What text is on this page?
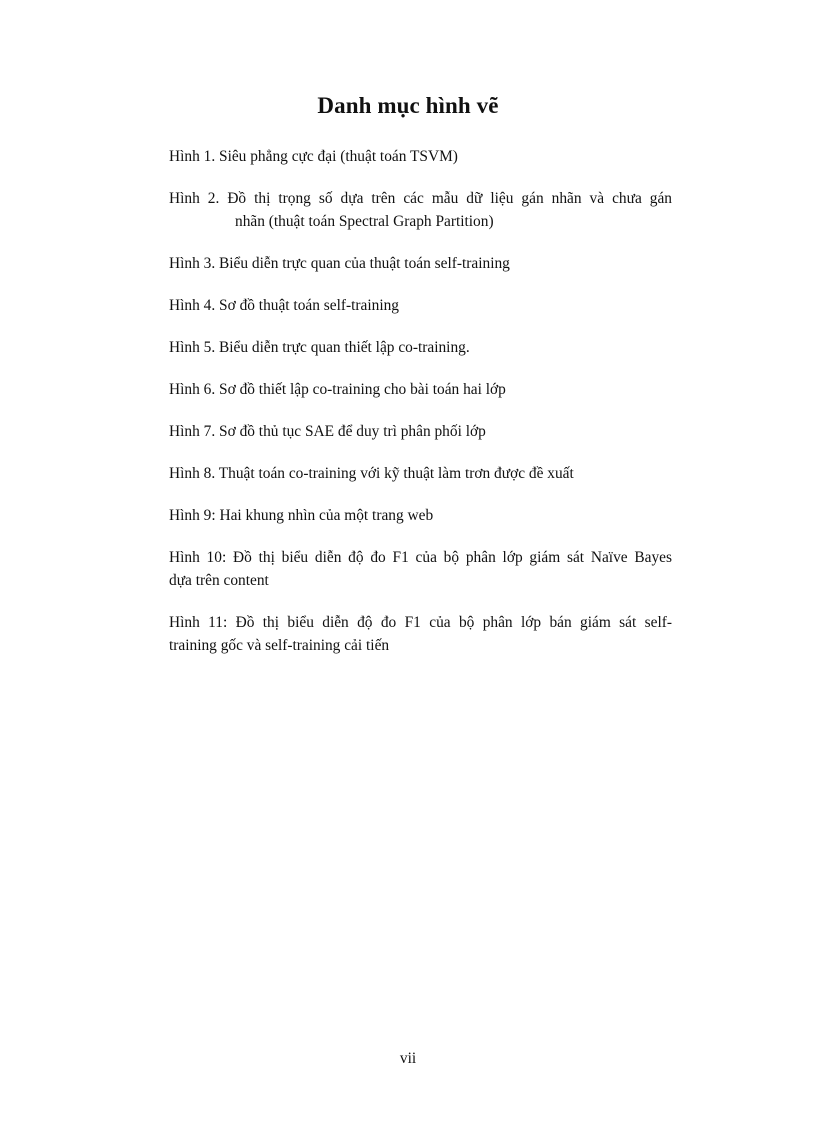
Danh mục hình vẽ
Hình 1. Siêu phẳng cực đại (thuật toán TSVM)
Hình 2. Đồ thị trọng số dựa trên các mẫu dữ liệu gán nhãn và chưa gán
nhãn (thuật toán Spectral Graph Partition)
Hình 3. Biểu diễn trực quan của thuật toán self-training
Hình 4. Sơ đồ thuật toán self-training
Hình 5. Biểu diễn trực quan thiết lập co-training.
Hình 6. Sơ đồ thiết lập co-training cho bài toán hai lớp
Hình 7. Sơ đồ thủ tục SAE để duy trì phân phối lớp
Hình 8. Thuật toán co-training với kỹ thuật làm trơn được đề xuất
Hình 9: Hai khung nhìn của một trang web
Hình 10: Đồ thị biểu diễn độ đo F1 của bộ phân lớp giám sát Naïve Bayes
dựa trên content
Hình 11: Đồ thị biểu diễn độ đo F1 của bộ phân lớp bán giám sát self-
training gốc và self-training cải tiến

vii
